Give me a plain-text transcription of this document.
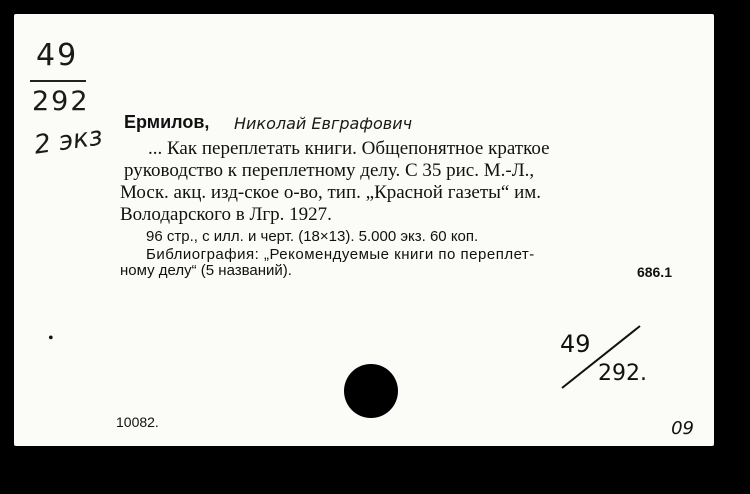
49
292
2 экз Ермилов, Николай Евграфович
... Как переплетать книги. Общепонятное краткое
руководство к переплетному делу. С 35 рис. М.-Л.,
Моск. акц. изд-ское о-во, тип. „Красной газеты“ им.
Володарского в Лгр. 1927.
96 стр., с илл. и черт. (18×13). 5.000 экз. 60 коп.
Библиография: „Рекомендуемые книги по переплет-
ному делу“ (5 названий).	686.1
49
292.
•
10082.	09
